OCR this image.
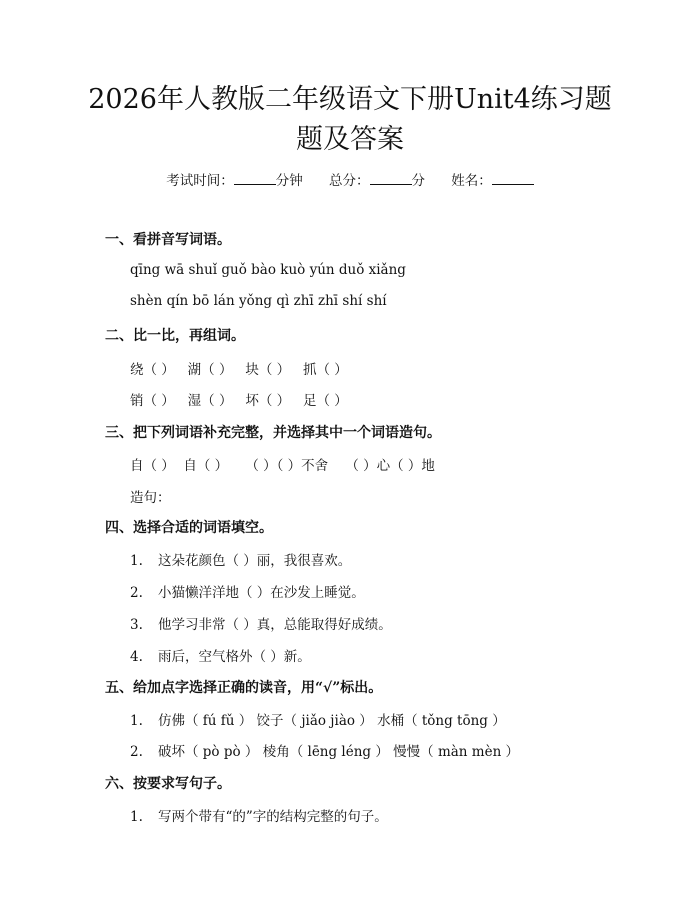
2026年人教版二年级语文下册Unit4练习题
题及答案
考试时间：	分钟 总分：	分 姓名：
一、看拼音写词语。
qīng wā shuǐ guǒ bào kuò yún duǒ xiǎng
shèn qín bō lán yǒng qì zhī zhī shí shí
二、比一比，再组词。
绕（ ）   湖（ ）   块（ ）   抓（ ）
销（ ）   湿（ ）   坏（ ）   足（ ）
三、把下列词语补充完整，并选择其中一个词语造句。
自（ ）  自（ ）    （ ）（ ）不舍    （ ）心（ ）地
造句：
四、选择合适的词语填空。
1. 这朵花颜色（ ）丽，我很喜欢。
2. 小猫懒洋洋地（ ）在沙发上睡觉。
3. 他学习非常（ ）真，总能取得好成绩。
4. 雨后，空气格外（ ）新。
五、给加点字选择正确的读音，用“√”标出。
1. 仿佛（ fú fǔ ） 饺子（ jiǎo jiào ） 水桶（ tǒng tōng ）
2. 破坏（ pò pò ） 棱角（ lēng léng ） 慢慢（ màn mèn ）
六、按要求写句子。
1. 写两个带有“的”字的结构完整的句子。
